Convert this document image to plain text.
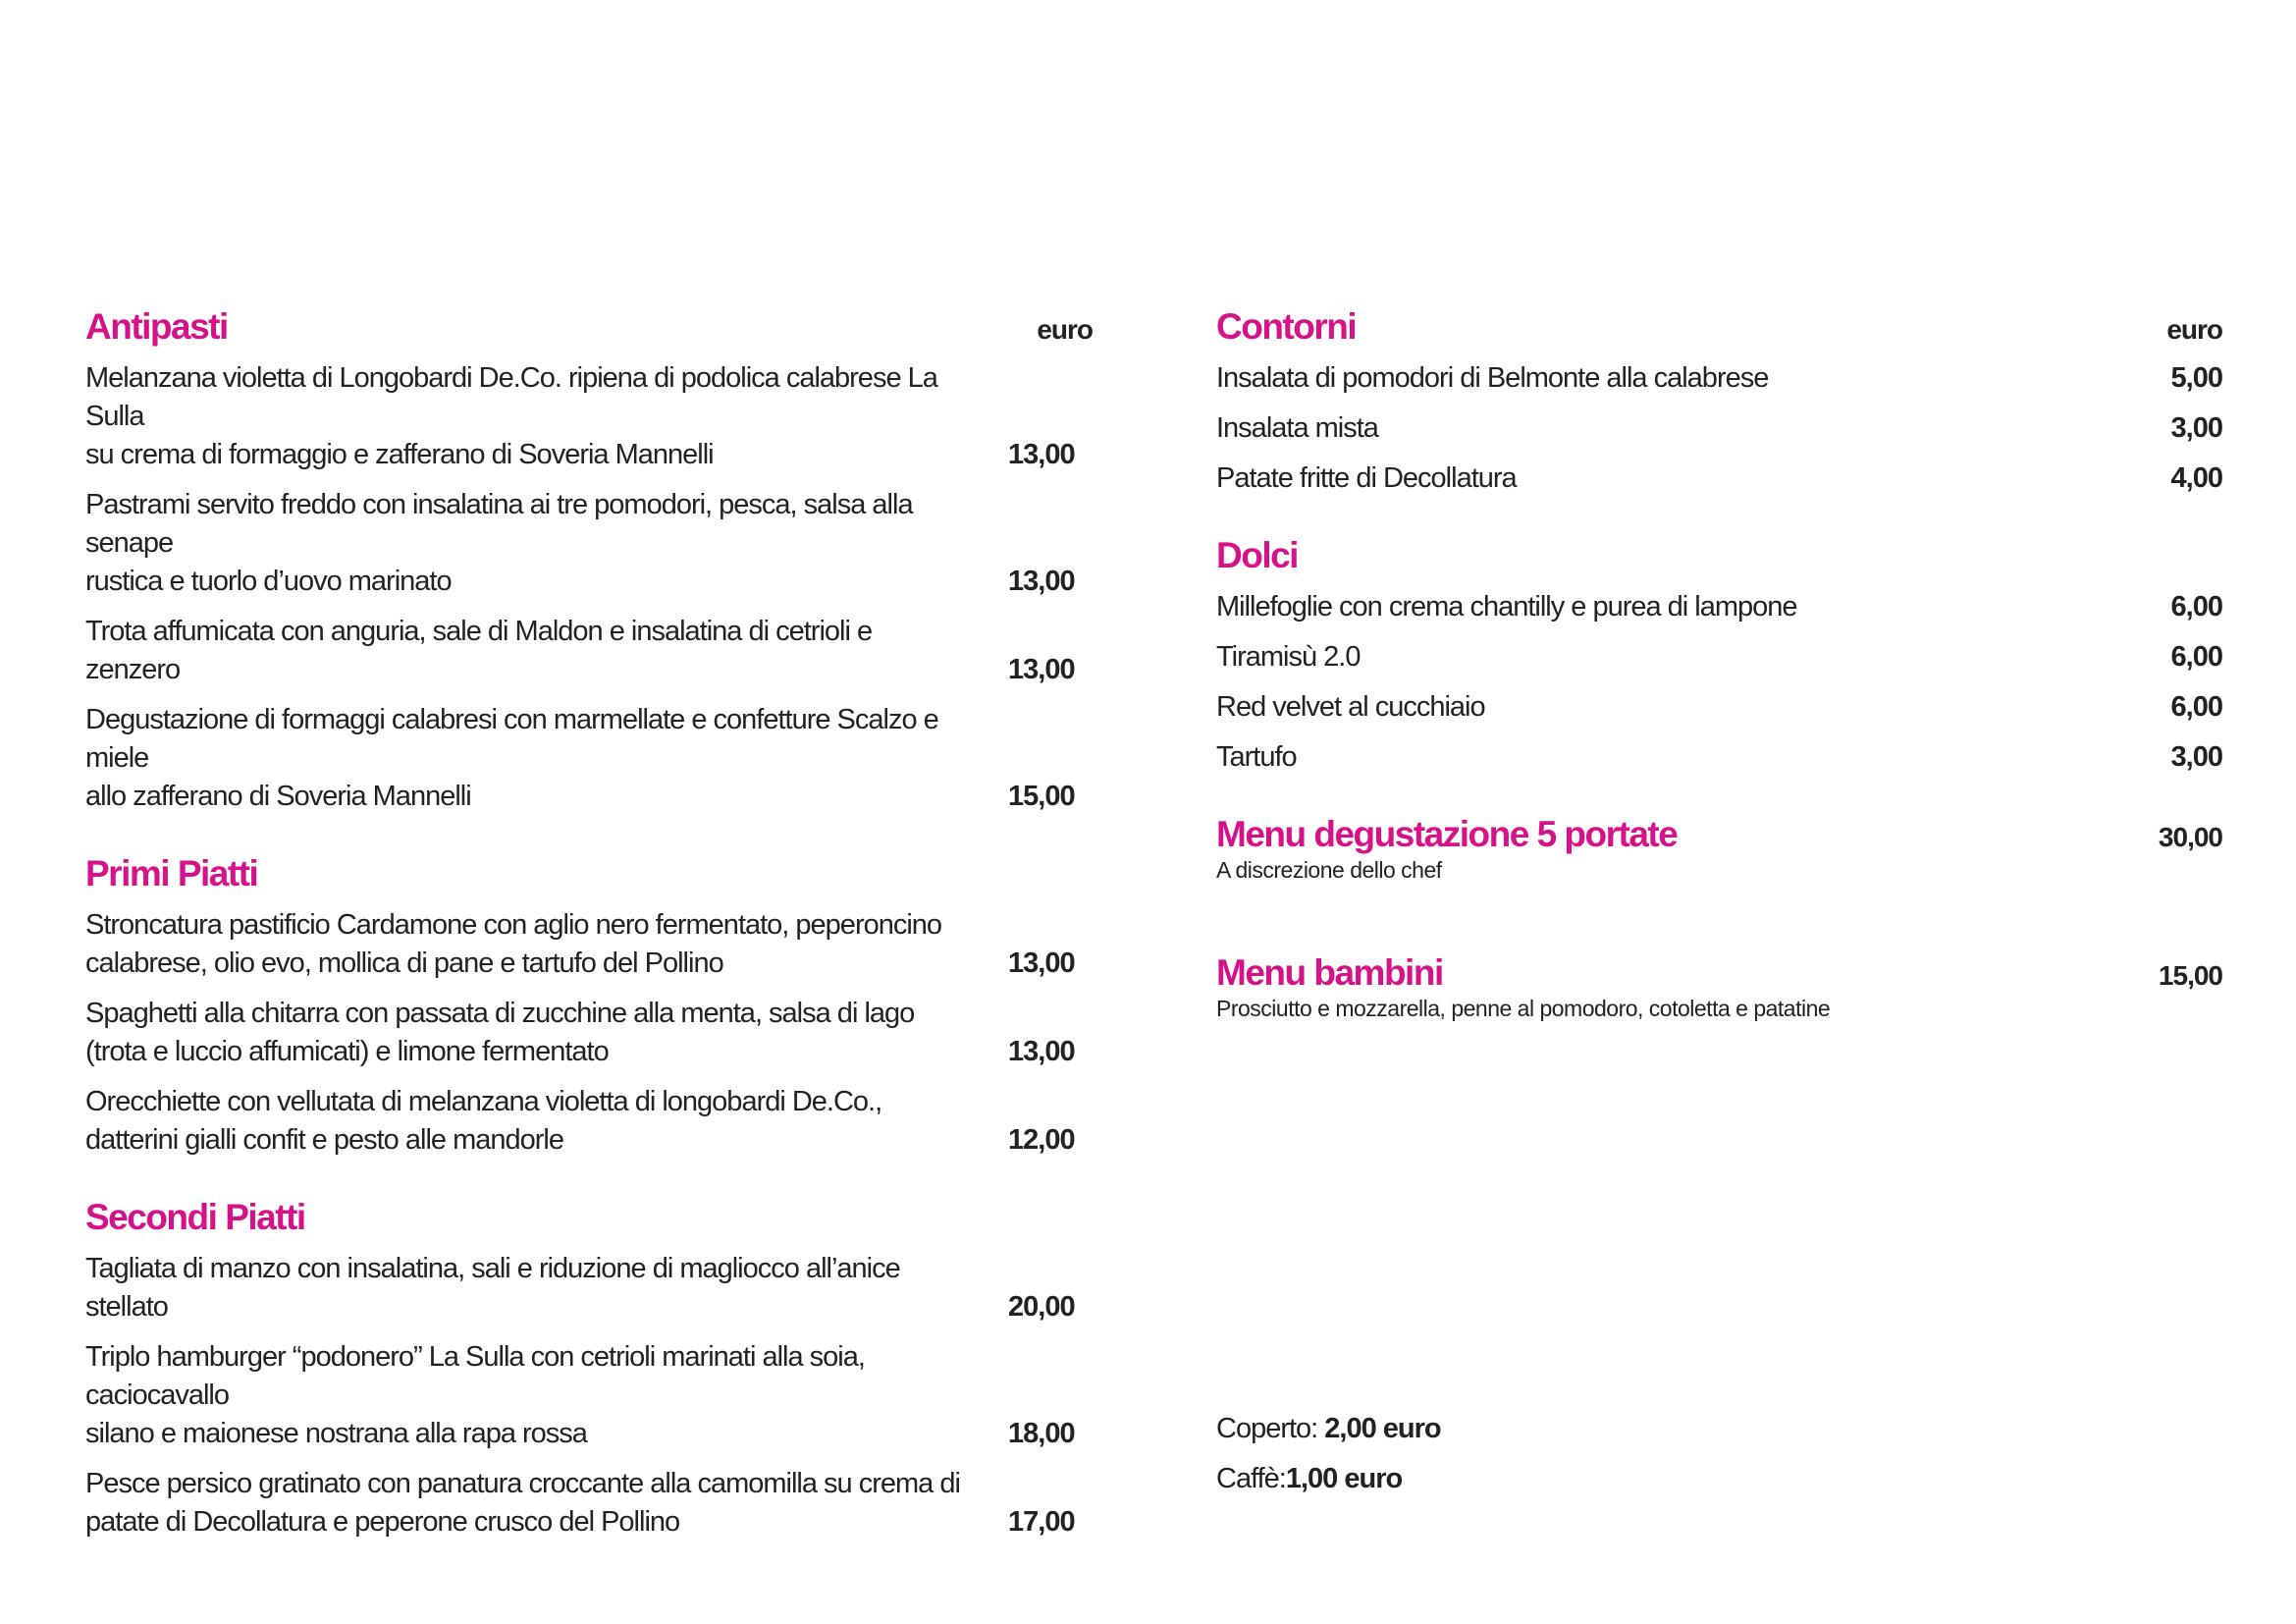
Antipasti	euro
Melanzana violetta di Longobardi De.Co. ripiena di podolica calabrese La Sulla
su crema di formaggio e zafferano di Soveria Mannelli	13,00
Pastrami servito freddo con insalatina ai tre pomodori, pesca, salsa alla senape
rustica e tuorlo d’uovo marinato	13,00
Trota affumicata con anguria, sale di Maldon e insalatina di cetrioli e zenzero	13,00
Degustazione di formaggi calabresi con marmellate e confetture Scalzo e miele
allo zafferano di Soveria Mannelli	15,00
Primi Piatti
Stroncatura pastificio Cardamone con aglio nero fermentato, peperoncino
calabrese, olio evo, mollica di pane e tartufo del Pollino	13,00
Spaghetti alla chitarra con passata di zucchine alla menta, salsa di lago
(trota e luccio affumicati) e limone fermentato	13,00
Orecchiette con vellutata di melanzana violetta di longobardi De.Co.,
datterini gialli confit e pesto alle mandorle	12,00
Secondi Piatti
Tagliata di manzo con insalatina, sali e riduzione di magliocco all’anice stellato	20,00
Triplo hamburger “podonero” La Sulla con cetrioli marinati alla soia, caciocavallo
silano e maionese nostrana alla rapa rossa	18,00
Pesce persico gratinato con panatura croccante alla camomilla su crema di
patate di Decollatura e peperone crusco del Pollino	17,00
Contorni	euro
Insalata di pomodori di Belmonte alla calabrese	5,00
Insalata mista	3,00
Patate fritte di Decollatura	4,00
Dolci
Millefoglie con crema chantilly e purea di lampone	6,00
Tiramisù 2.0	6,00
Red velvet al cucchiaio	6,00
Tartufo	3,00
Menu degustazione 5 portate	30,00
A discrezione dello chef
Menu bambini	15,00
Prosciutto e mozzarella, penne al pomodoro, cotoletta e patatine
Coperto: 2,00 euro
Caffè:1,00 euro
